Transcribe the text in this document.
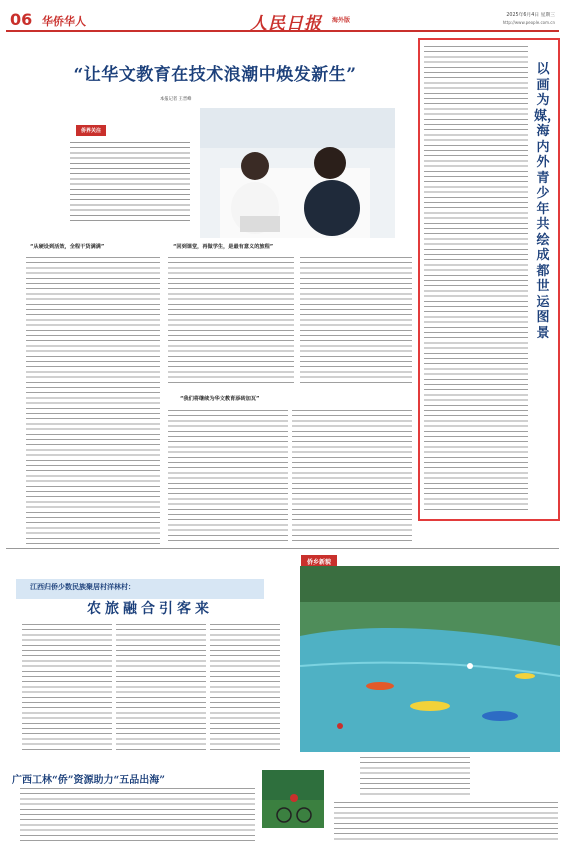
06 华侨华人	人民日报 海外版
2025年6月4日 星期三
http://www.people.com.cn
“让华文教育在技术浪潮中焕发新生”
本报记者 王晋峰
侨界关注
“从硬设到活效，全程干货满满”	“回到课堂，再做学生，是最有意义的旅程”
“我们将继续为华文教育添砖加瓦”
以画为媒，海内外青少年共绘成都世运图景
江西归侨少数民族聚居村洋林村：
农旅融合引客来
广西工林“侨”资源助力“五品出海”
侨乡新貌
